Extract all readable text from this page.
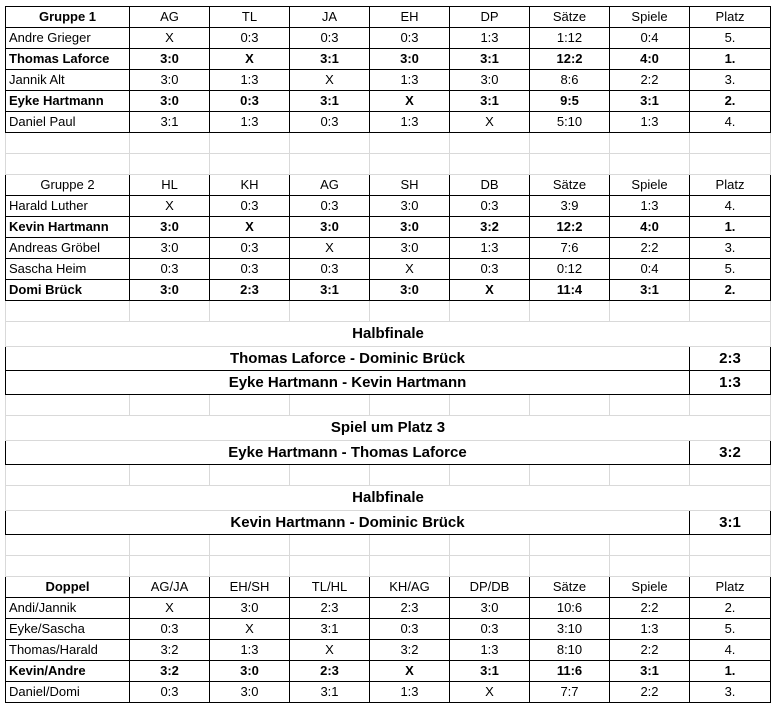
Gruppe 1	AG	TL	JA	EH	DP	Sätze	Spiele	Platz
Andre Grieger	X	0:3	0:3	0:3	1:3	1:12	0:4	5.
Thomas Laforce	3:0	X	3:1	3:0	3:1	12:2	4:0	1.
Jannik Alt	3:0	1:3	X	1:3	3:0	8:6	2:2	3.
Eyke Hartmann	3:0	0:3	3:1	X	3:1	9:5	3:1	2.
Daniel Paul	3:1	1:3	0:3	1:3	X	5:10	1:3	4.

Gruppe 2	HL	KH	AG	SH	DB	Sätze	Spiele	Platz
Harald Luther	X	0:3	0:3	3:0	0:3	3:9	1:3	4.
Kevin Hartmann	3:0	X	3:0	3:0	3:2	12:2	4:0	1.
Andreas Gröbel	3:0	0:3	X	3:0	1:3	7:6	2:2	3.
Sascha Heim	0:3	0:3	0:3	X	0:3	0:12	0:4	5.
Domi Brück	3:0	2:3	3:1	3:0	X	11:4	3:1	2.

Halbfinale								
Thomas Laforce - Dominic Brück								2:3
Eyke Hartmann - Kevin Hartmann								1:3

Spiel um Platz 3								
Eyke Hartmann - Thomas Laforce								3:2

Halbfinale								
Kevin Hartmann - Dominic Brück								3:1

Doppel	AG/JA	EH/SH	TL/HL	KH/AG	DP/DB	Sätze	Spiele	Platz
Andi/Jannik	X	3:0	2:3	2:3	3:0	10:6	2:2	2.
Eyke/Sascha	0:3	X	3:1	0:3	0:3	3:10	1:3	5.
Thomas/Harald	3:2	1:3	X	3:2	1:3	8:10	2:2	4.
Kevin/Andre	3:2	3:0	2:3	X	3:1	11:6	3:1	1.
Daniel/Domi	0:3	3:0	3:1	1:3	X	7:7	2:2	3.
